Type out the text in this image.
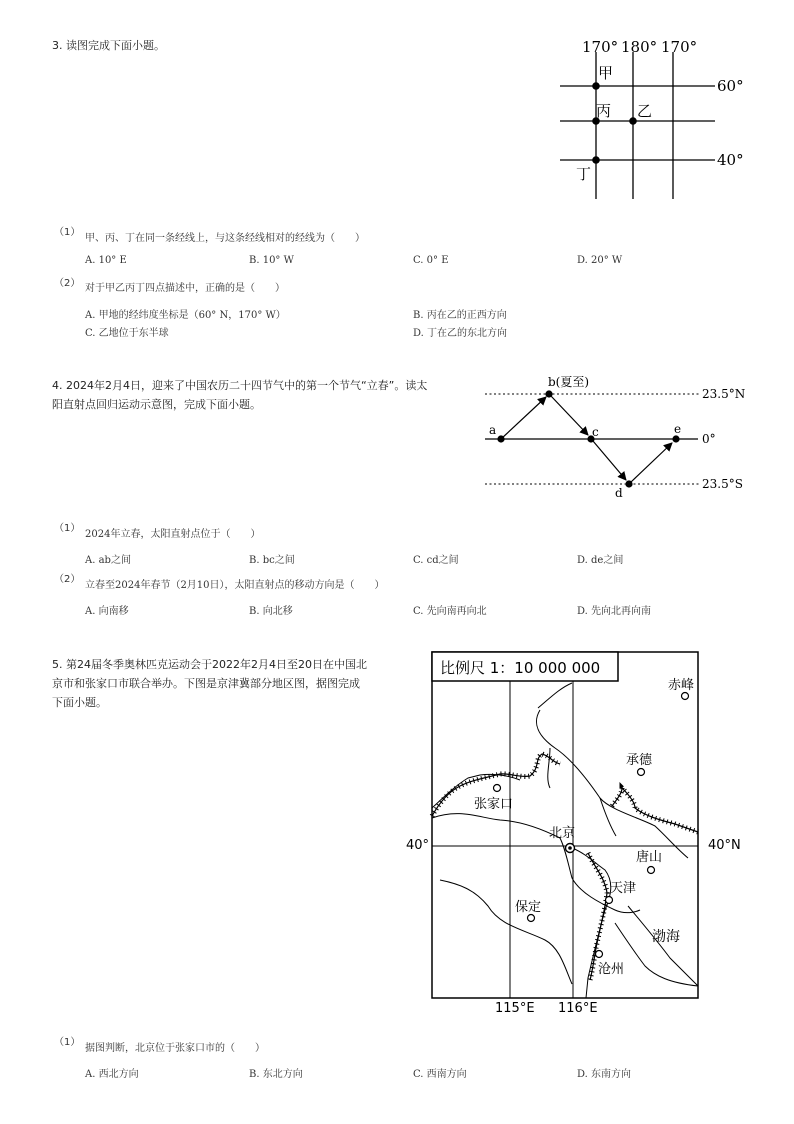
3. 读图完成下面小题。	170° 180° 170°
60°
40°
甲
丙 乙
丁
（1）
甲、丙、丁在同一条经线上，与这条经线相对的经线为（　　）
A. 10° E	B. 10° W	C. 0° E	D. 20° W
（2） 对于甲乙丙丁四点描述中，正确的是（　　）
A. 甲地的经纬度坐标是（60° N，170° W）	B. 丙在乙的正西方向
C. 乙地位于东半球	D. 丁在乙的东北方向
4. 2024年2月4日，迎来了中国农历二十四节气中的第一个节气“立春”。读太
阳直射点回归运动示意图，完成下面小题。
b(夏至)
a	c
d
e
23.5°N
0°
23.5°S
（1）
2024年立春，太阳直射点位于（　　）
A. ab之间	B. bc之间	C. cd之间	D. de之间
（2）
立春至2024年春节（2月10日），太阳直射点的移动方向是（　　）
A. 向南移	B. 向北移	C. 先向南再向北	D. 先向北再向南
5. 第24届冬季奥林匹克运动会于2022年2月4日至20日在中国北
京市和张家口市联合举办。下图是京津冀部分地区图，据图完成
下面小题。
比例尺 1：10 000 000
40°	40°N
115°E 116°E
赤峰
承德
张家口
北京
唐山
天津
保定
沧州
渤海
（1）
据图判断，北京位于张家口市的（　　）
A. 西北方向	B. 东北方向	C. 西南方向	D. 东南方向
